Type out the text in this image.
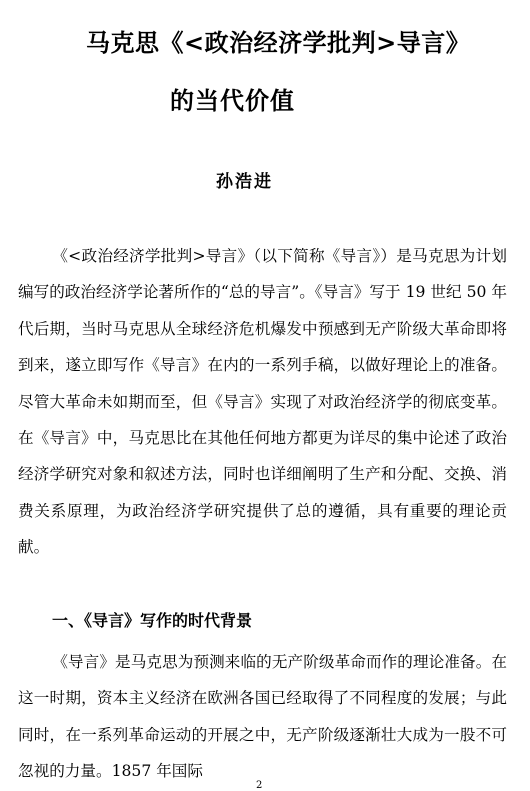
马克思《<政治经济学批判>导言》
的当代价值
孙浩进

《<政治经济学批判>导言》（以下简称《导言》）是马克思为计划编写的政治经济学论著所作的“总的导言”。《导言》写于 19 世纪 50 年代后期，当时马克思从全球经济危机爆发中预感到无产阶级大革命即将到来，遂立即写作《导言》在内的一系列手稿，以做好理论上的准备。尽管大革命未如期而至，但《导言》实现了对政治经济学的彻底变革。在《导言》中，马克思比在其他任何地方都更为详尽的集中论述了政治经济学研究对象和叙述方法，同时也详细阐明了生产和分配、交换、消费关系原理，为政治经济学研究提供了总的遵循，具有重要的理论贡献。

一、《导言》写作的时代背景

《导言》是马克思为预测来临的无产阶级革命而作的理论准备。在这一时期，资本主义经济在欧洲各国已经取得了不同程度的发展；与此同时，在一系列革命运动的开展之中，无产阶级逐渐壮大成为一股不可忽视的力量。1857 年国际

2
